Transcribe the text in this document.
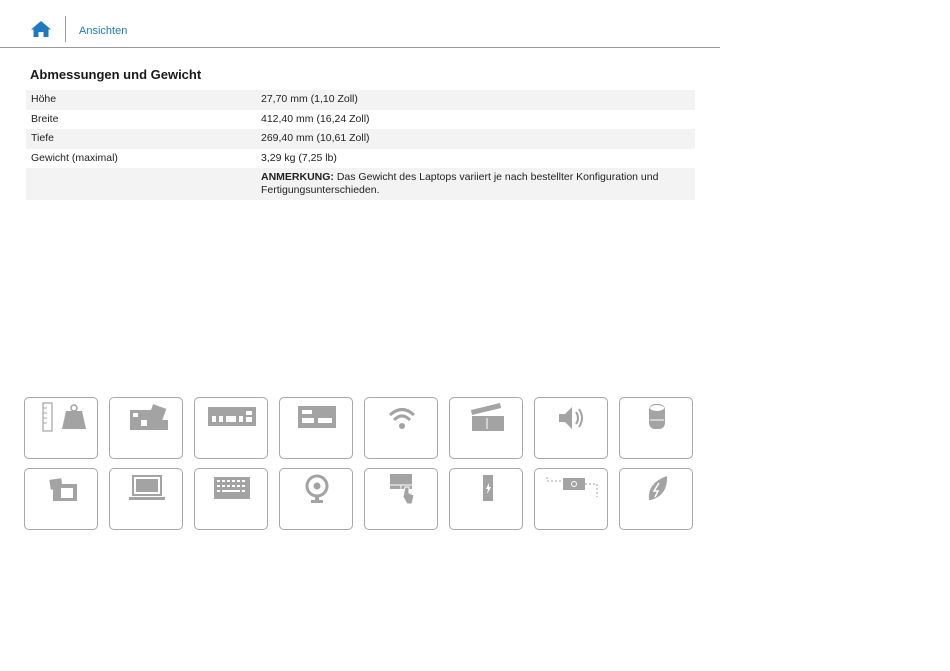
Ansichten
Abmessungen und Gewicht
Höhe	27,70 mm (1,10 Zoll)
Breite	412,40 mm (16,24 Zoll)
Tiefe	269,40 mm (10,61 Zoll)
Gewicht (maximal)	3,29 kg (7,25 lb)
	ANMERKUNG: Das Gewicht des Laptops variiert je nach bestellter Konfiguration und Fertigungsunterschieden.
